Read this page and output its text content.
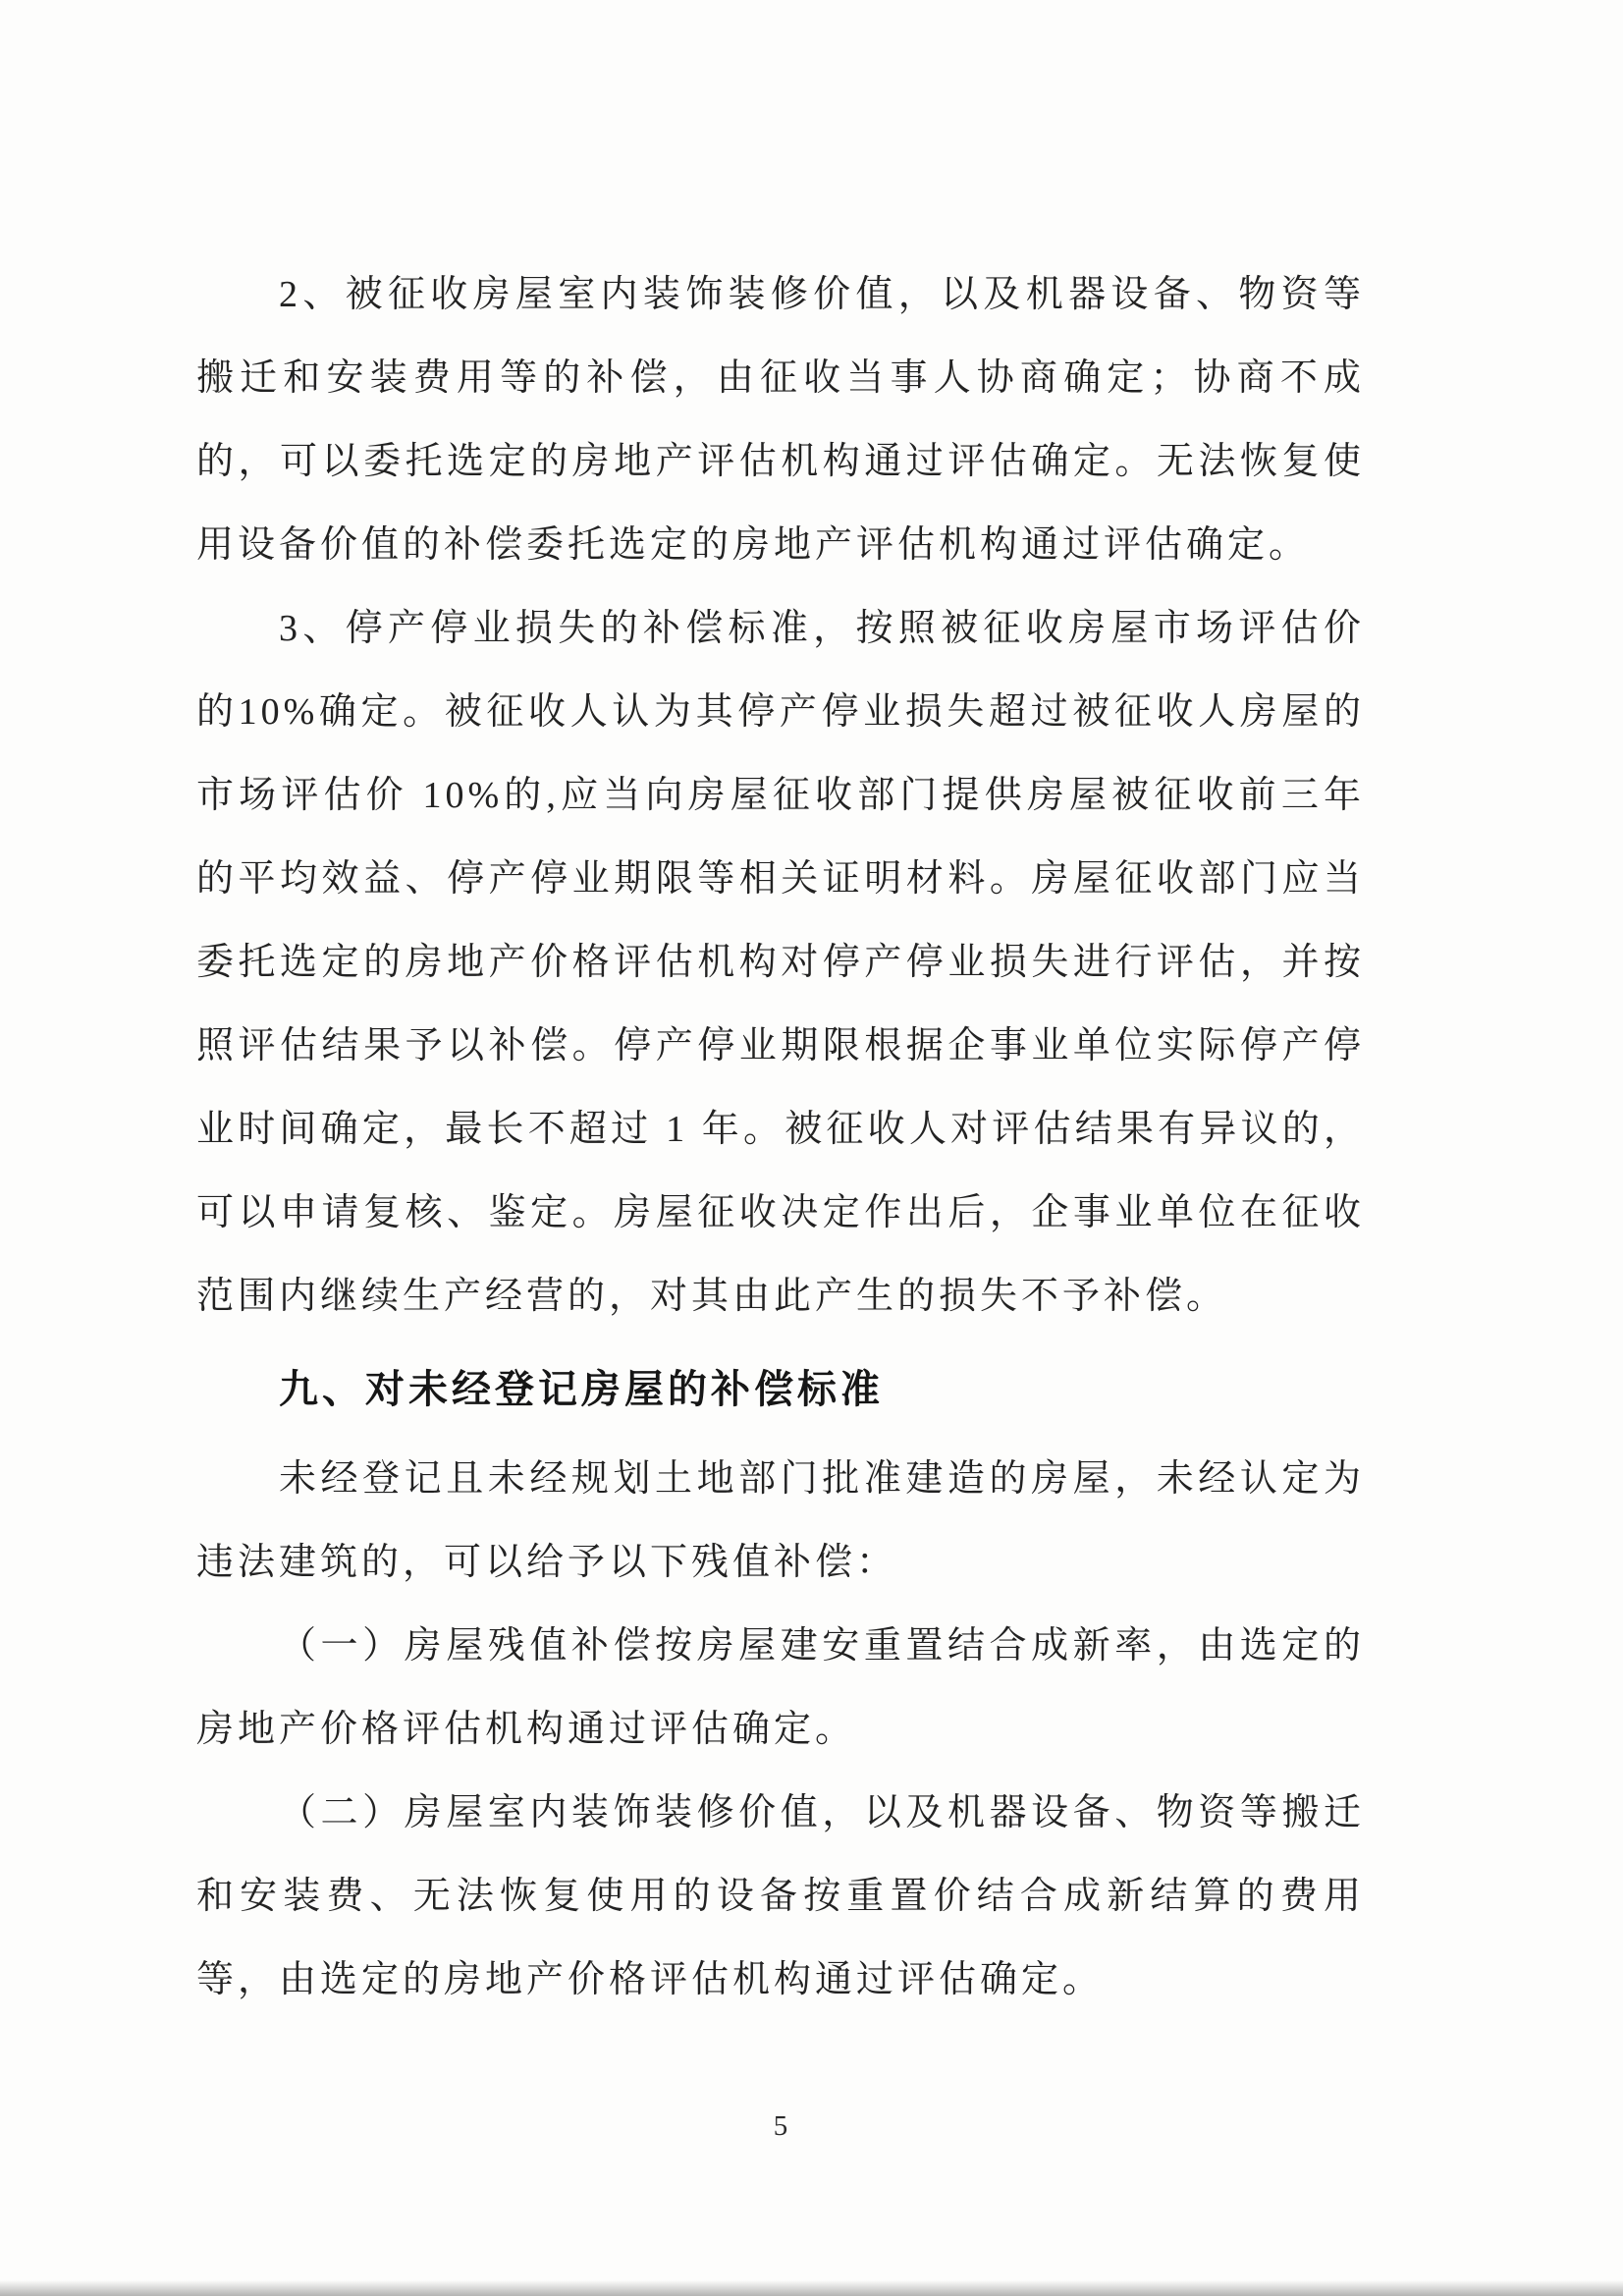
2、被征收房屋室内装饰装修价值，以及机器设备、物资等搬迁和安装费用等的补偿，由征收当事人协商确定；协商不成的，可以委托选定的房地产评估机构通过评估确定。无法恢复使用设备价值的补偿委托选定的房地产评估机构通过评估确定。

3、停产停业损失的补偿标准，按照被征收房屋市场评估价的10%确定。被征收人认为其停产停业损失超过被征收人房屋的市场评估价 10%的,应当向房屋征收部门提供房屋被征收前三年的平均效益、停产停业期限等相关证明材料。房屋征收部门应当委托选定的房地产价格评估机构对停产停业损失进行评估，并按照评估结果予以补偿。停产停业期限根据企事业单位实际停产停业时间确定，最长不超过 1 年。被征收人对评估结果有异议的，可以申请复核、鉴定。房屋征收决定作出后，企事业单位在征收范围内继续生产经营的，对其由此产生的损失不予补偿。

九、对未经登记房屋的补偿标准

未经登记且未经规划土地部门批准建造的房屋，未经认定为违法建筑的，可以给予以下残值补偿：

（一）房屋残值补偿按房屋建安重置结合成新率，由选定的房地产价格评估机构通过评估确定。

（二）房屋室内装饰装修价值，以及机器设备、物资等搬迁和安装费、无法恢复使用的设备按重置价结合成新结算的费用等，由选定的房地产价格评估机构通过评估确定。

5
